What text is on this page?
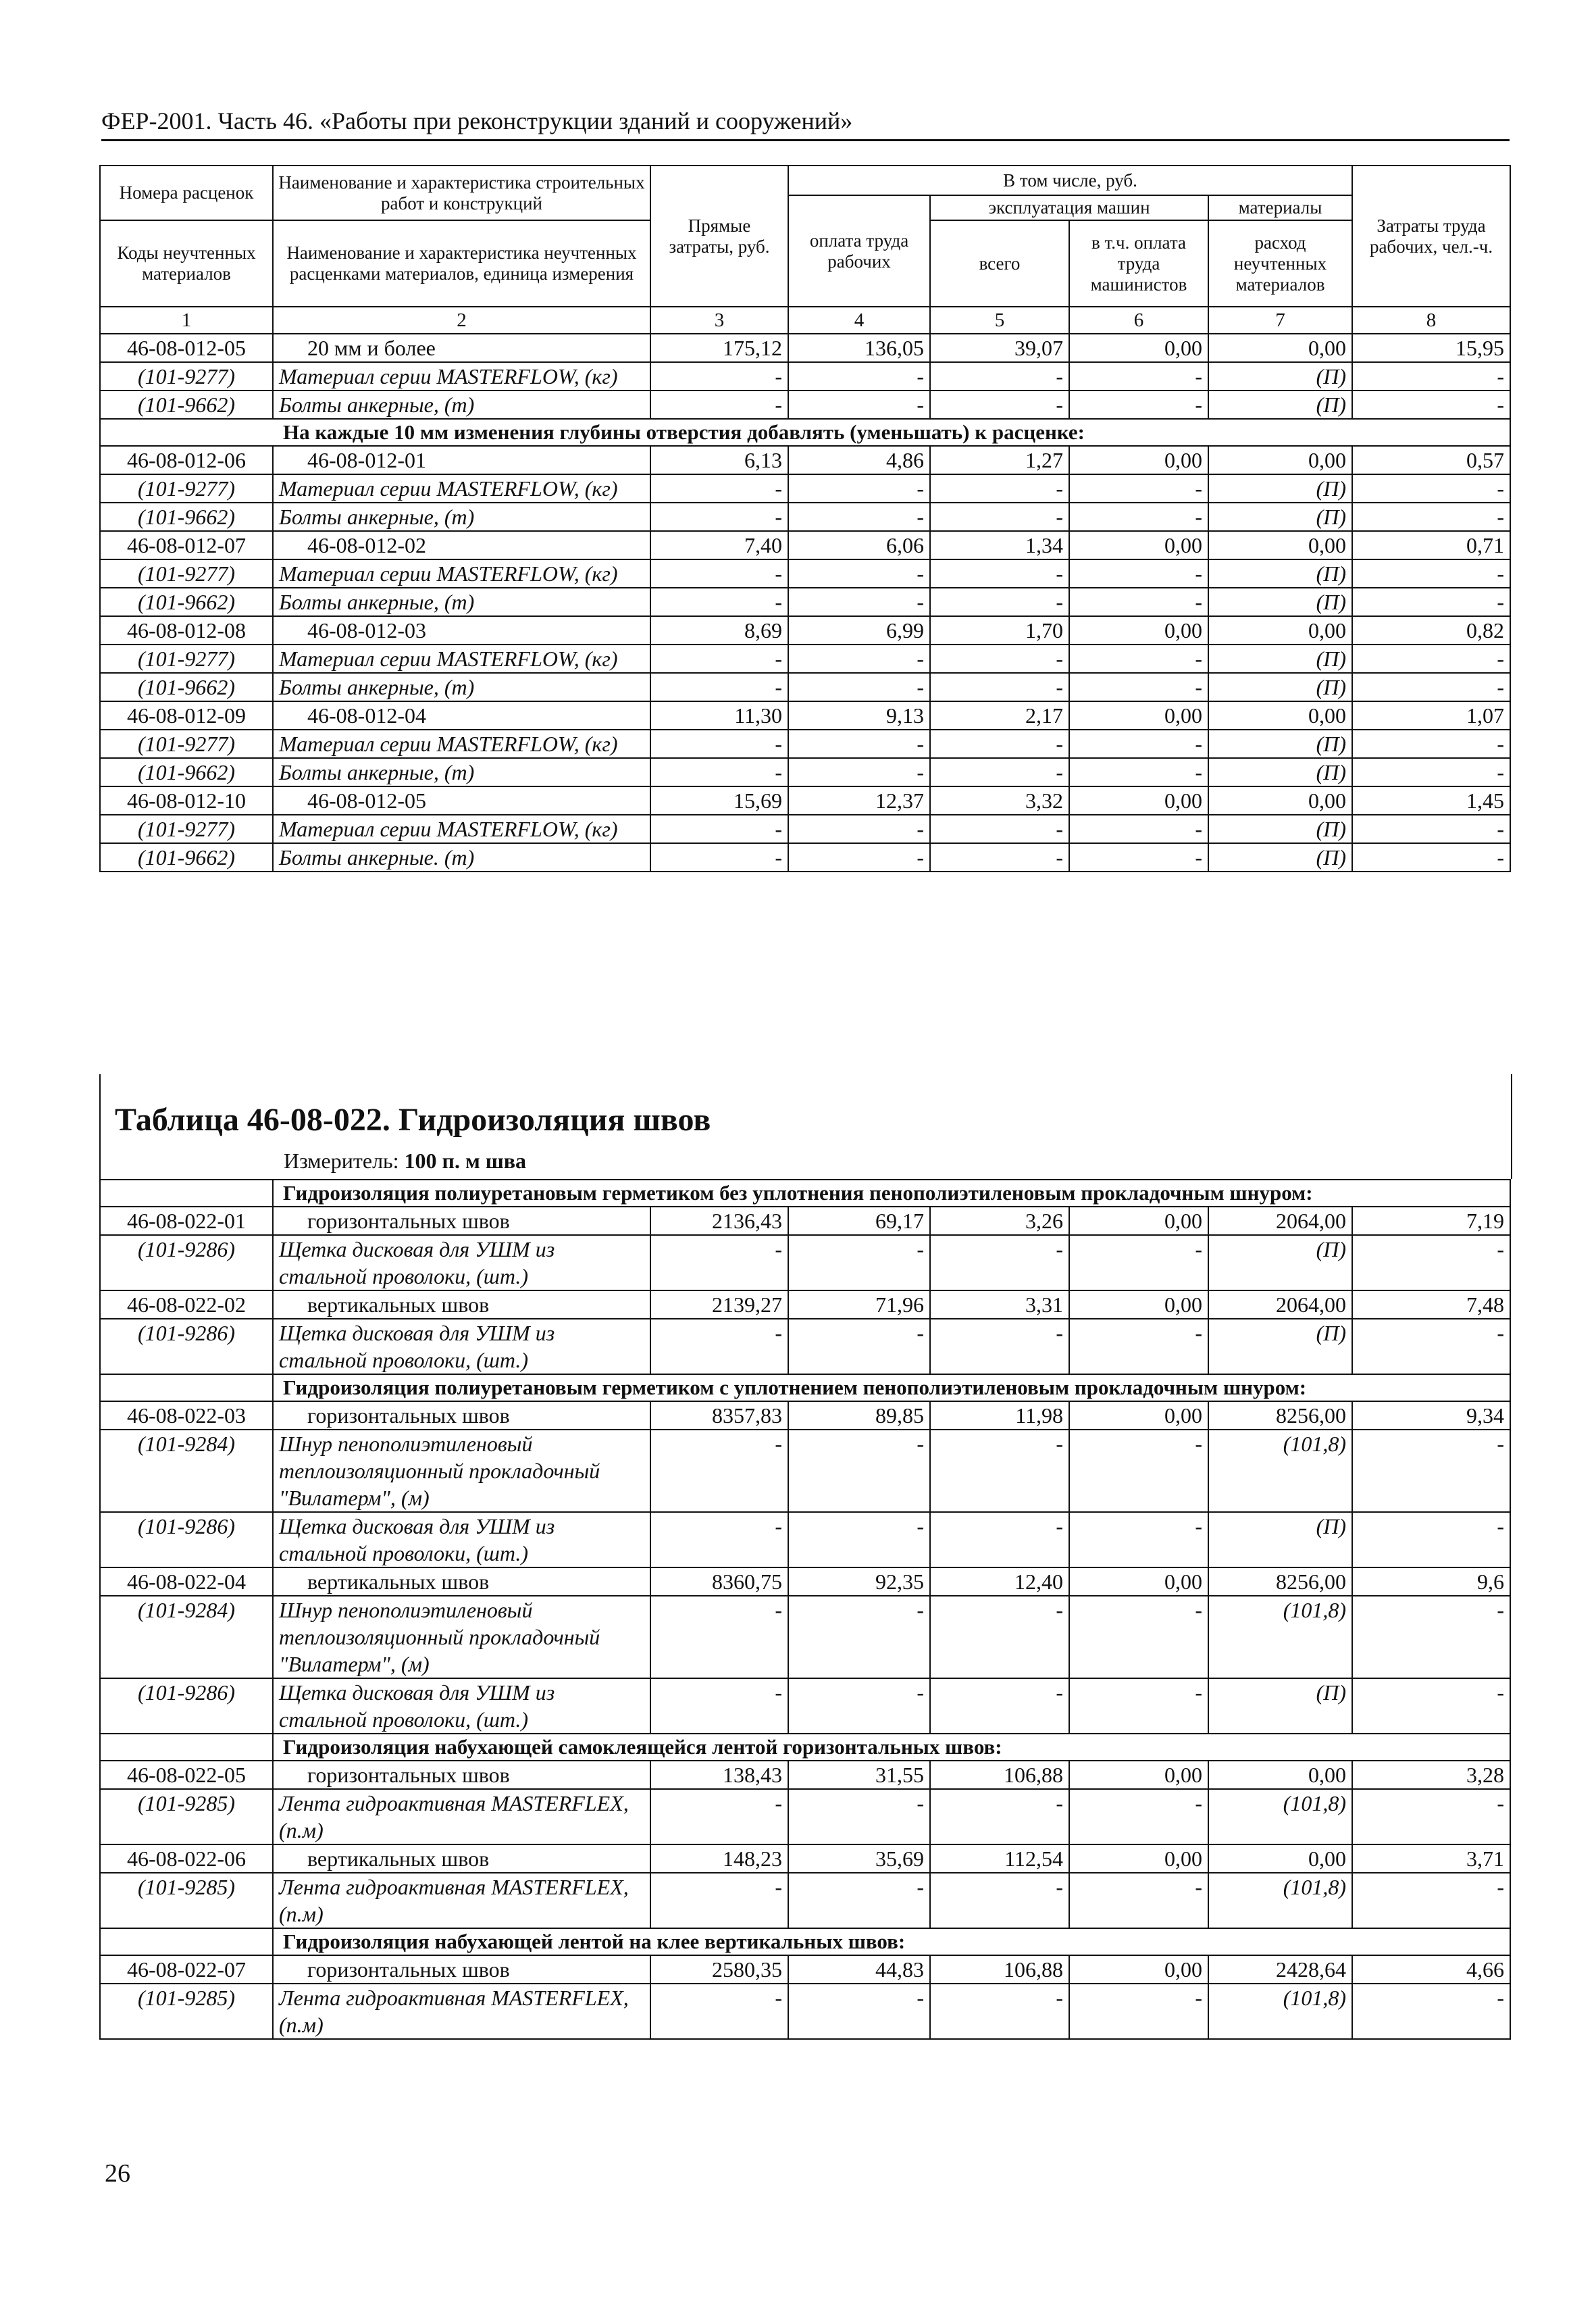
ФЕР-2001. Часть 46. «Работы при реконструкции зданий и сооружений»
Номера расценок	Наименование и характеристика строительных работ и конструкций	Прямые затраты, руб.	В том числе, руб.				Затраты труда рабочих, чел.-ч.
			оплата труда рабочих	эксплуатация машин		материалы	
Коды неучтенных материалов	Наименование и характеристика неучтенных расценками материалов, единица измерения			всего	в т.ч. оплата труда машинистов	расход неучтенных материалов	
1	2	3	4	5	6	7	8
46-08-012-05	20 мм и более	175,12	136,05	39,07	0,00	0,00	15,95
(101-9277)	Материал серии MASTERFLOW, (кг)	-	-	-	-	(П)	-
(101-9662)	Болты анкерные, (т)	-	-	-	-	(П)	-
На каждые 10 мм изменения глубины отверстия добавлять (уменьшать) к расценке:							
46-08-012-06	46-08-012-01	6,13	4,86	1,27	0,00	0,00	0,57
(101-9277)	Материал серии MASTERFLOW, (кг)	-	-	-	-	(П)	-
(101-9662)	Болты анкерные, (т)	-	-	-	-	(П)	-
46-08-012-07	46-08-012-02	7,40	6,06	1,34	0,00	0,00	0,71
(101-9277)	Материал серии MASTERFLOW, (кг)	-	-	-	-	(П)	-
(101-9662)	Болты анкерные, (т)	-	-	-	-	(П)	-
46-08-012-08	46-08-012-03	8,69	6,99	1,70	0,00	0,00	0,82
(101-9277)	Материал серии MASTERFLOW, (кг)	-	-	-	-	(П)	-
(101-9662)	Болты анкерные, (т)	-	-	-	-	(П)	-
46-08-012-09	46-08-012-04	11,30	9,13	2,17	0,00	0,00	1,07
(101-9277)	Материал серии MASTERFLOW, (кг)	-	-	-	-	(П)	-
(101-9662)	Болты анкерные, (т)	-	-	-	-	(П)	-
46-08-012-10	46-08-012-05	15,69	12,37	3,32	0,00	0,00	1,45
(101-9277)	Материал серии MASTERFLOW, (кг)	-	-	-	-	(П)	-
(101-9662)	Болты анкерные. (т)	-	-	-	-	(П)	-
Таблица 46-08-022. Гидроизоляция швов
Измеритель: 100 п. м шва
	Гидроизоляция полиуретановым герметиком без уплотнения пенополиэтиленовым прокладочным шнуром:						
46-08-022-01	горизонтальных швов	2136,43	69,17	3,26	0,00	2064,00	7,19
(101-9286)	Щетка дисковая для УШМ из стальной проволоки, (шт.)	-	-	-	-	(П)	-
46-08-022-02	вертикальных швов	2139,27	71,96	3,31	0,00	2064,00	7,48
(101-9286)	Щетка дисковая для УШМ из стальной проволоки, (шт.)	-	-	-	-	(П)	-
	Гидроизоляция полиуретановым герметиком с уплотнением пенополиэтиленовым прокладочным шнуром:						
46-08-022-03	горизонтальных швов	8357,83	89,85	11,98	0,00	8256,00	9,34
(101-9284)	Шнур пенополиэтиленовый теплоизоляционный прокладочный "Вилатерм", (м)	-	-	-	-	(101,8)	-
(101-9286)	Щетка дисковая для УШМ из стальной проволоки, (шт.)	-	-	-	-	(П)	-
46-08-022-04	вертикальных швов	8360,75	92,35	12,40	0,00	8256,00	9,6
(101-9284)	Шнур пенополиэтиленовый теплоизоляционный прокладочный "Вилатерм", (м)	-	-	-	-	(101,8)	-
(101-9286)	Щетка дисковая для УШМ из стальной проволоки, (шт.)	-	-	-	-	(П)	-
	Гидроизоляция набухающей самоклеящейся лентой горизонтальных швов:						
46-08-022-05	горизонтальных швов	138,43	31,55	106,88	0,00	0,00	3,28
(101-9285)	Лента гидроактивная MASTERFLEX, (п.м)	-	-	-	-	(101,8)	-
46-08-022-06	вертикальных швов	148,23	35,69	112,54	0,00	0,00	3,71
(101-9285)	Лента гидроактивная MASTERFLEX, (п.м)	-	-	-	-	(101,8)	-
	Гидроизоляция набухающей лентой на клее вертикальных швов:						
46-08-022-07	горизонтальных швов	2580,35	44,83	106,88	0,00	2428,64	4,66
(101-9285)	Лента гидроактивная MASTERFLEX, (п.м)	-	-	-	-	(101,8)	-
26
